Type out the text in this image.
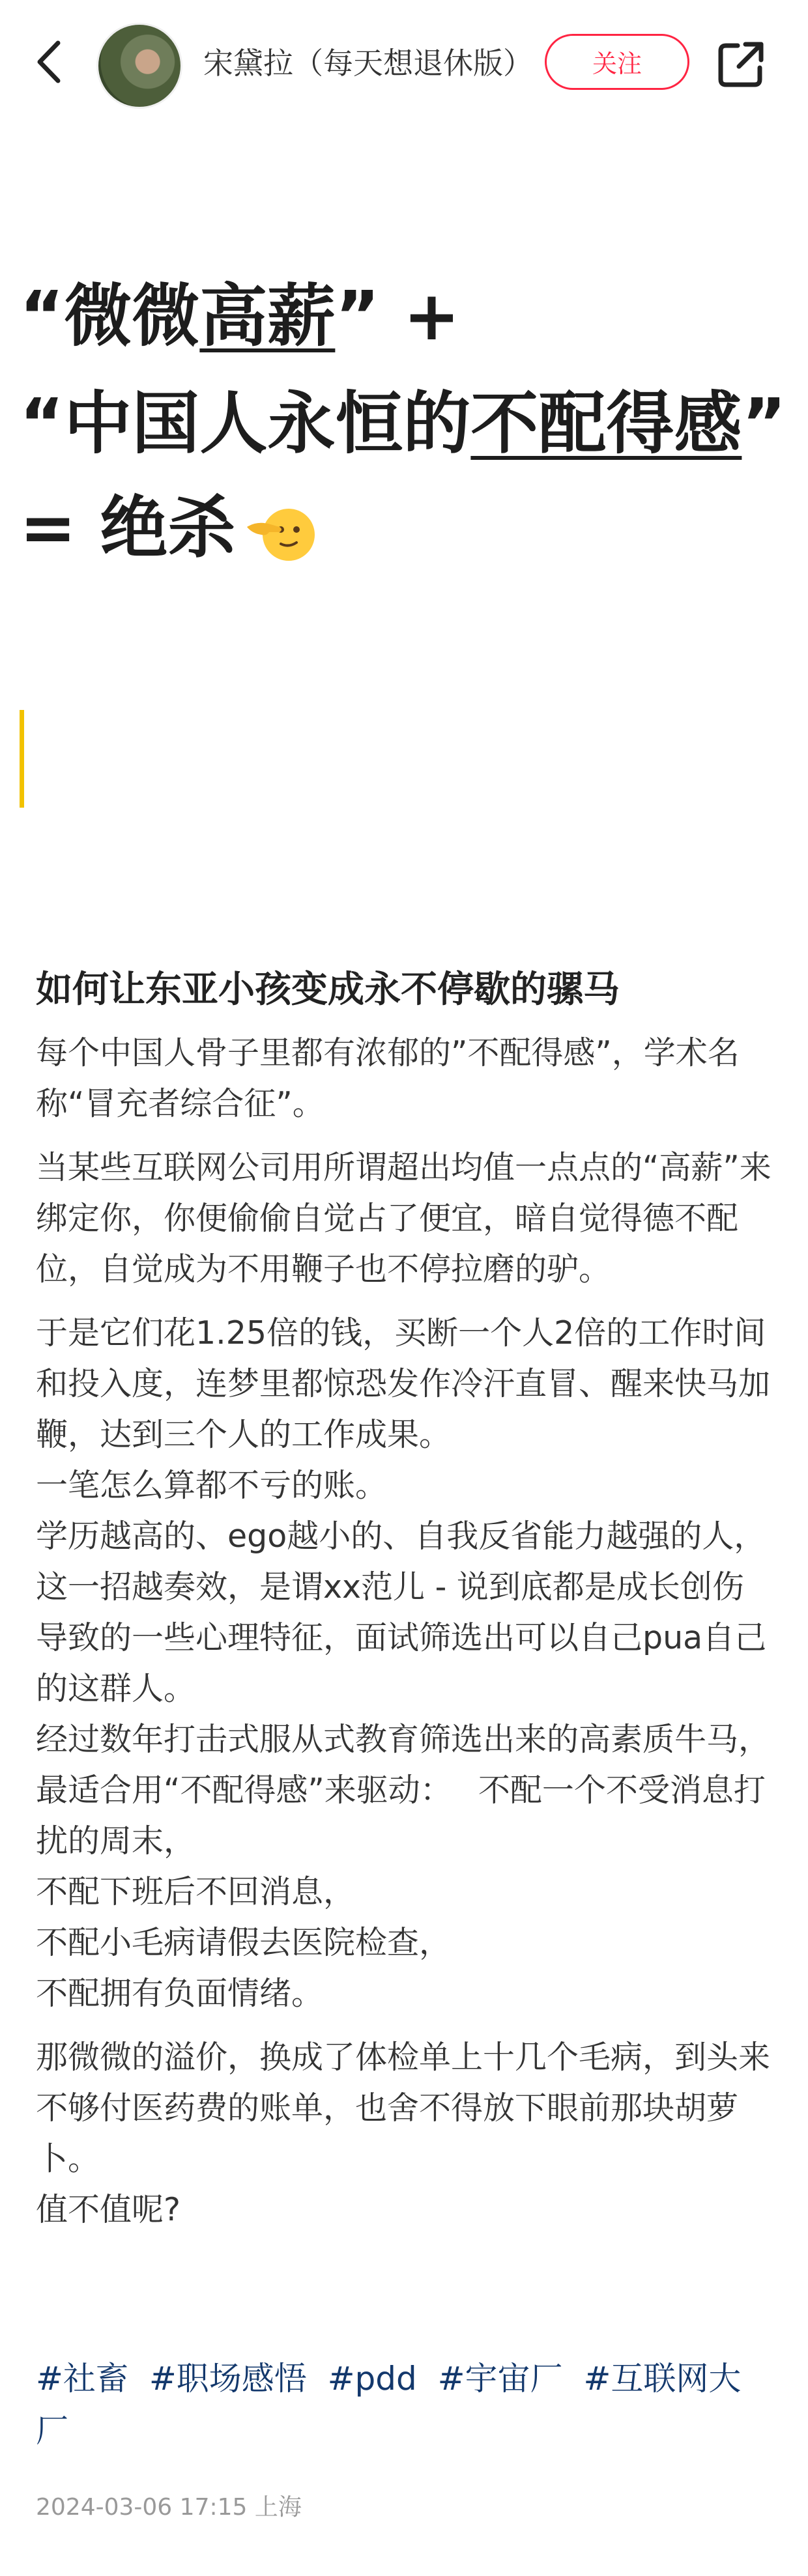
宋黛拉（每天想退休版）	关注
“微微高薪” +
“中国人永恒的不配得感”
= 绝杀
如何让东亚小孩变成永不停歇的骡马

每个中国人骨子里都有浓郁的”不配得感”，学术名称“冒充者综合征”。

当某些互联网公司用所谓超出均值一点点的“高薪”来绑定你，你便偷偷自觉占了便宜，暗自觉得德不配位，自觉成为不用鞭子也不停拉磨的驴。

于是它们花1.25倍的钱，买断一个人2倍的工作时间和投入度，连梦里都惊恐发作冷汗直冒、醒来快马加鞭，达到三个人的工作成果。

一笔怎么算都不亏的账。

学历越高的、ego越小的、自我反省能力越强的人，这一招越奏效，是谓xx范儿 - 说到底都是成长创伤导致的一些心理特征，面试筛选出可以自己pua自己的这群人。

经过数年打击式服从式教育筛选出来的高素质牛马，最适合用“不配得感”来驱动：　 不配一个不受消息打扰的周末，

不配下班后不回消息，

不配小毛病请假去医院检查，

不配拥有负面情绪。

那微微的溢价，换成了体检单上十几个毛病，到头来不够付医药费的账单，也舍不得放下眼前那块胡萝卜。

值不值呢?

#社畜 #职场感悟 #pdd #宇宙厂 #互联网大厂
2024-03-06 17:15 上海
